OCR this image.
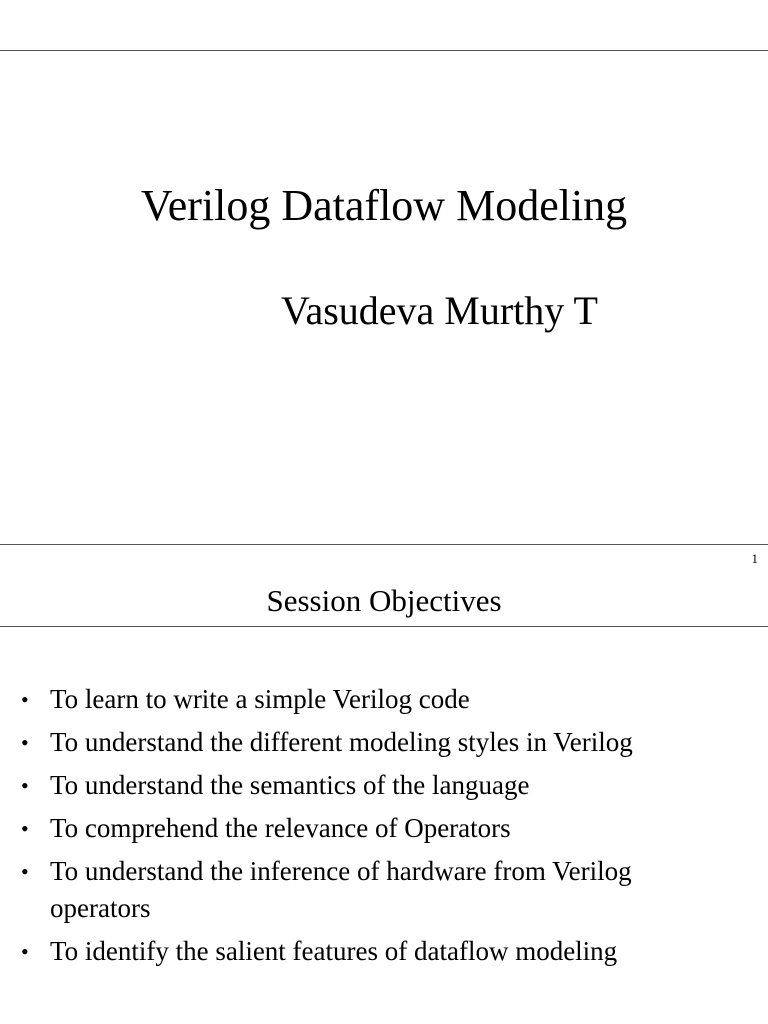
Verilog Dataflow Modeling
Vasudeva Murthy T
1
Session Objectives
• To learn to write a simple Verilog code
• To understand the different modeling styles in Verilog
• To understand the semantics of the language
• To comprehend the relevance of Operators
• To understand the inference of hardware from Verilog operators
• To identify the salient features of dataflow modeling
